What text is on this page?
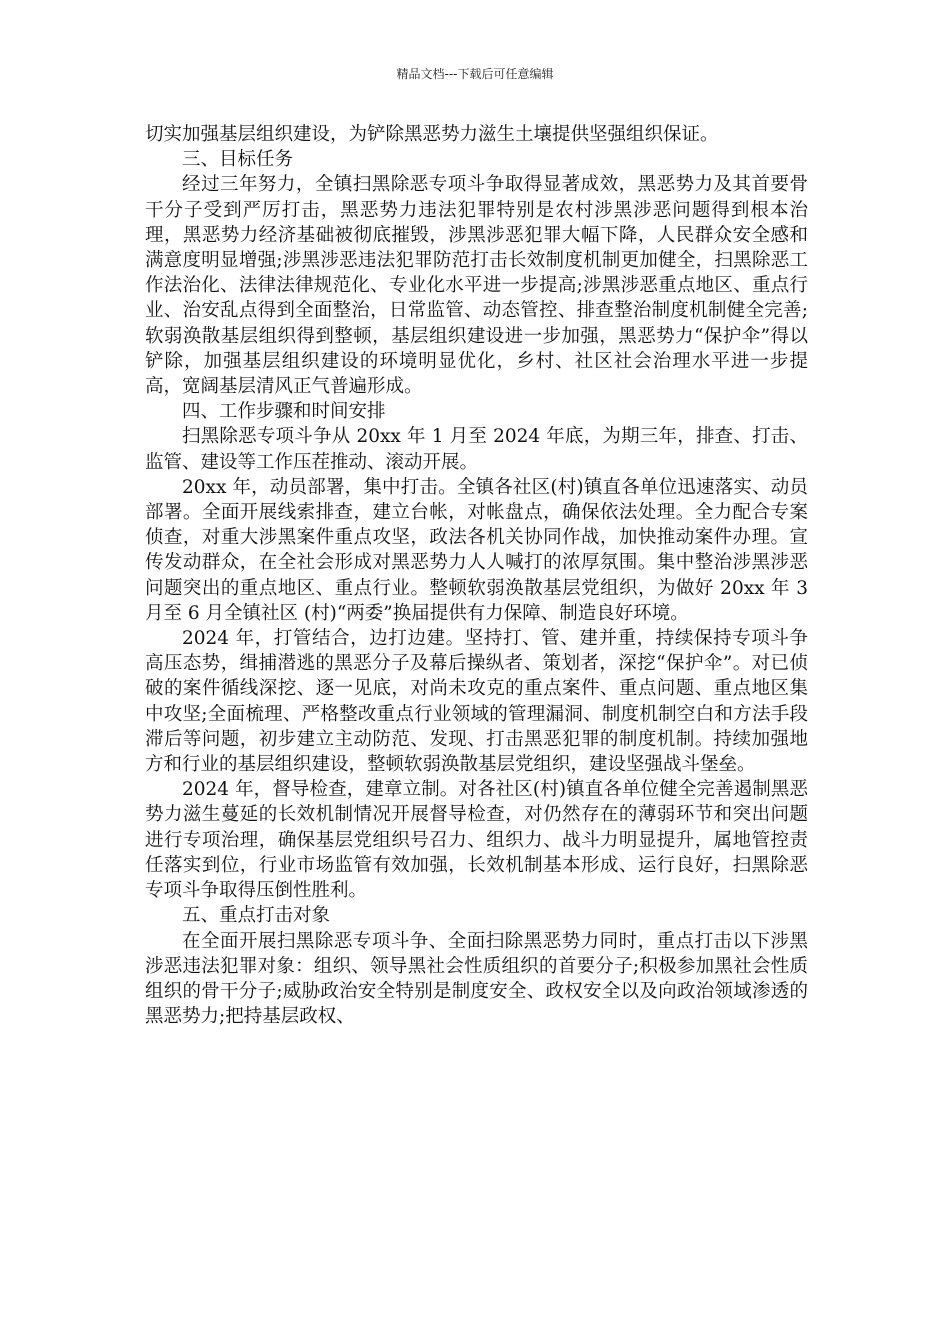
精品文档---下载后可任意编辑

切实加强基层组织建设，为铲除黑恶势力滋生土壤提供坚强组织保证。

三、目标任务

经过三年努力，全镇扫黑除恶专项斗争取得显著成效，黑恶势力及其首要骨干分子受到严厉打击，黑恶势力违法犯罪特别是农村涉黑涉恶问题得到根本治理，黑恶势力经济基础被彻底摧毁，涉黑涉恶犯罪大幅下降，人民群众安全感和满意度明显增强;涉黑涉恶违法犯罪防范打击长效制度机制更加健全，扫黑除恶工作法治化、法律法律规范化、专业化水平进一步提高;涉黑涉恶重点地区、重点行业、治安乱点得到全面整治，日常监管、动态管控、排查整治制度机制健全完善;软弱涣散基层组织得到整顿，基层组织建设进一步加强，黑恶势力“保护伞”得以铲除，加强基层组织建设的环境明显优化，乡村、社区社会治理水平进一步提高，宽阔基层清风正气普遍形成。

四、工作步骤和时间安排

扫黑除恶专项斗争从 20xx 年 1 月至 2024 年底，为期三年，排查、打击、监管、建设等工作压茬推动、滚动开展。

20xx 年，动员部署，集中打击。全镇各社区(村)镇直各单位迅速落实、动员部署。全面开展线索排查，建立台帐，对帐盘点，确保依法处理。全力配合专案侦查，对重大涉黑案件重点攻坚，政法各机关协同作战，加快推动案件办理。宣传发动群众，在全社会形成对黑恶势力人人喊打的浓厚氛围。集中整治涉黑涉恶问题突出的重点地区、重点行业。整顿软弱涣散基层党组织，为做好 20xx 年 3 月至 6 月全镇社区 (村)“两委”换届提供有力保障、制造良好环境。

2024 年，打管结合，边打边建。坚持打、管、建并重，持续保持专项斗争高压态势，缉捕潜逃的黑恶分子及幕后操纵者、策划者，深挖“保护伞”。对已侦破的案件循线深挖、逐一见底，对尚未攻克的重点案件、重点问题、重点地区集中攻坚;全面梳理、严格整改重点行业领域的管理漏洞、制度机制空白和方法手段滞后等问题，初步建立主动防范、发现、打击黑恶犯罪的制度机制。持续加强地方和行业的基层组织建设，整顿软弱涣散基层党组织，建设坚强战斗堡垒。

2024 年，督导检查，建章立制。对各社区(村)镇直各单位健全完善遏制黑恶势力滋生蔓延的长效机制情况开展督导检查，对仍然存在的薄弱环节和突出问题进行专项治理，确保基层党组织号召力、组织力、战斗力明显提升，属地管控责任落实到位，行业市场监管有效加强，长效机制基本形成、运行良好，扫黑除恶专项斗争取得压倒性胜利。

五、重点打击对象

在全面开展扫黑除恶专项斗争、全面扫除黑恶势力同时，重点打击以下涉黑涉恶违法犯罪对象：组织、领导黑社会性质组织的首要分子;积极参加黑社会性质组织的骨干分子;威胁政治安全特别是制度安全、政权安全以及向政治领域渗透的黑恶势力;把持基层政权、
